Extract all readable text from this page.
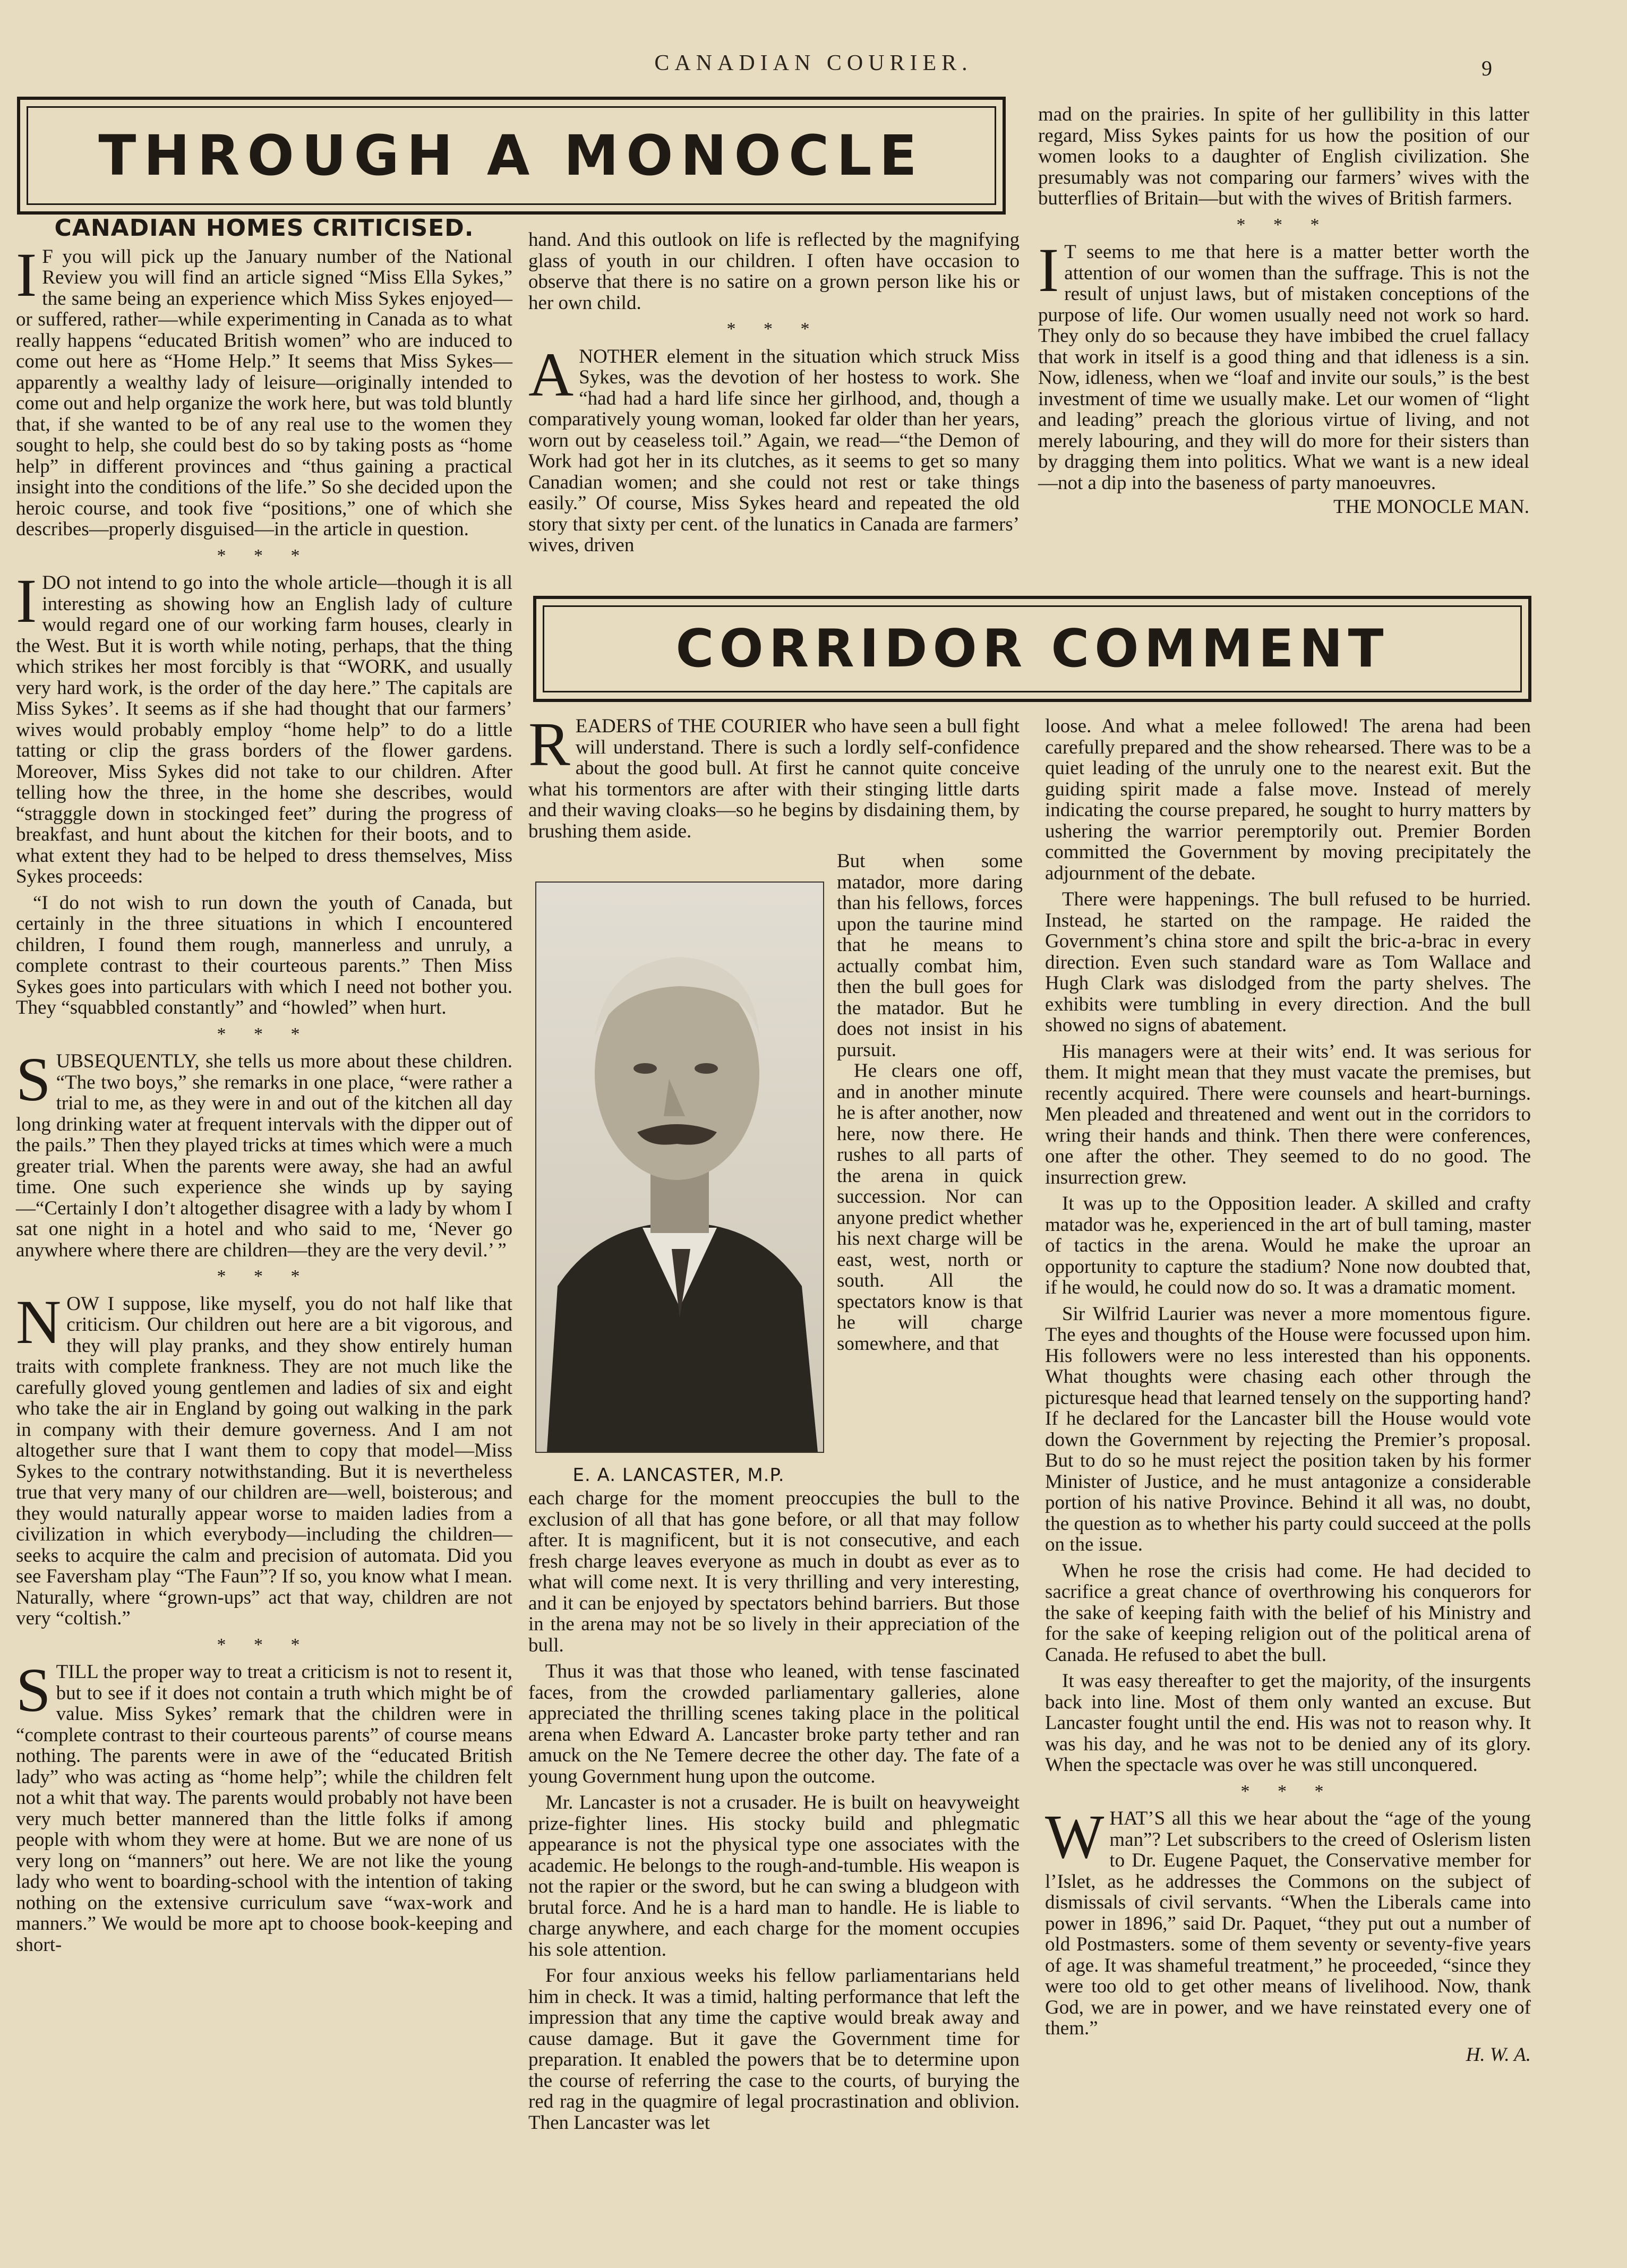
CANADIAN COURIER.	9
THROUGH A MONOCLE
CANADIAN HOMES CRITICISED.

I F you will pick up the January number of the National Review you will find an article signed “Miss Ella Sykes,” the same being an experience which Miss Sykes enjoyed—or suffered, rather—while experimenting in Canada as to what really happens “educated British women” who are induced to come out here as “Home Help.” It seems that Miss Sykes—apparently a wealthy lady of leisure—originally intended to come out and help organize the work here, but was told bluntly that, if she wanted to be of any real use to the women they sought to help, she could best do so by taking posts as “home help” in different provinces and “thus gaining a practical insight into the conditions of the life.” So she decided upon the heroic course, and took five “positions,” one of which she describes—properly disguised—in the article in question.

* * *

IDO not intend to go into the whole article—though it is all interesting as showing how an English lady of culture would regard one of our working farm houses, clearly in the West. But it is worth while noting, perhaps, that the thing which strikes her most forcibly is that “WORK, and usually very hard work, is the order of the day here.” The capitals are Miss Sykes’. It seems as if she had thought that our farmers’ wives would probably employ “home help” to do a little tatting or clip the grass borders of the flower gardens. Moreover, Miss Sykes did not take to our children. After telling how the three, in the home she describes, would “stragggle down in stockinged feet” during the progress of breakfast, and hunt about the kitchen for their boots, and to what extent they had to be helped to dress themselves, Miss Sykes proceeds:

“I do not wish to run down the youth of Canada, but certainly in the three situations in which I encountered children, I found them rough, mannerless and unruly, a complete contrast to their courteous parents.” Then Miss Sykes goes into particulars with which I need not bother you. They “squabbled constantly” and “howled” when hurt.

* * *

SUBSEQUENTLY, she tells us more about these children. “The two boys,” she remarks in one place, “were rather a trial to me, as they were in and out of the kitchen all day long drinking water at frequent intervals with the dipper out of the pails.” Then they played tricks at times which were a much greater trial. When the parents were away, she had an awful time. One such experience she winds up by saying—“Certainly I don’t altogether disagree with a lady by whom I sat one night in a hotel and who said to me, ‘Never go anywhere where there are children—they are the very devil.’ ”

* * *

NOW I suppose, like myself, you do not half like that criticism. Our children out here are a bit vigorous, and they will play pranks, and they show entirely human traits with complete frankness. They are not much like the carefully gloved young gentlemen and ladies of six and eight who take the air in England by going out walking in the park in company with their demure governess. And I am not altogether sure that I want them to copy that model—Miss Sykes to the contrary notwithstanding. But it is nevertheless true that very many of our children are—well, boisterous; and they would naturally appear worse to maiden ladies from a civilization in which everybody—including the children—seeks to acquire the calm and precision of automata. Did you see Faversham play “The Faun”? If so, you know what I mean. Naturally, where “grown-ups” act that way, children are not very “coltish.”

* * *

STILL the proper way to treat a criticism is not to resent it, but to see if it does not contain a truth which might be of value. Miss Sykes’ remark that the children were in “complete contrast to their courteous parents” of course means nothing. The parents were in awe of the “educated British lady” who was acting as “home help”; while the children felt not a whit that way. The parents would probably not have been very much better mannered than the little folks if among people with whom they were at home. But we are none of us very long on “manners” out here. We are not like the young lady who went to boarding-school with the intention of taking nothing on the extensive curriculum save “wax-work and manners.” We would be more apt to choose book-keeping and short-

hand. And this outlook on life is reflected by the magnifying glass of youth in our children. I often have occasion to observe that there is no satire on a grown person like his or her own child.

* * *

ANOTHER element in the situation which struck Miss Sykes, was the devotion of her hostess to work. She “had had a hard life since her girlhood, and, though a comparatively young woman, looked far older than her years, worn out by ceaseless toil.” Again, we read—“the Demon of Work had got her in its clutches, as it seems to get so many Canadian women; and she could not rest or take things easily.” Of course, Miss Sykes heard and repeated the old story that sixty per cent. of the lunatics in Canada are farmers’ wives, driven

mad on the prairies. In spite of her gullibility in this latter regard, Miss Sykes paints for us how the position of our women looks to a daughter of English civilization. She presumably was not comparing our farmers’ wives with the butterflies of Britain—but with the wives of British farmers.

* * *

I T seems to me that here is a matter better worth the attention of our women than the suffrage. This is not the result of unjust laws, but of mistaken conceptions of the purpose of life. Our women usually need not work so hard. They only do so because they have imbibed the cruel fallacy that work in itself is a good thing and that idleness is a sin. Now, idleness, when we “loaf and invite our souls,” is the best investment of time we usually make. Let our women of “light and leading” preach the glorious virtue of living, and not merely labouring, and they will do more for their sisters than by dragging them into politics. What we want is a new ideal—not a dip into the baseness of party manoeuvres.

THE MONOCLE MAN.
CORRIDOR COMMENT

READERS of THE COURIER who have seen a bull fight will understand. There is such a lordly self-confidence about the good bull. At first he cannot quite conceive what his tormentors are after with their stinging little darts and their waving cloaks—so he begins by disdaining them, by brushing them aside.

E. A. LANCASTER, M.P.

But when some matador, more daring than his fellows, forces upon the taurine mind that he means to actually combat him, then the bull goes for the matador. But he does not insist in his pursuit.

He clears one off, and in another minute he is after another, now here, now there. He rushes to all parts of the arena in quick succession. Nor can anyone predict whether his next charge will be east, west, north or south. All the spectators know is that he will charge somewhere, and that

each charge for the moment preoccupies the bull to the exclusion of all that has gone before, or all that may follow after. It is magnificent, but it is not consecutive, and each fresh charge leaves everyone as much in doubt as ever as to what will come next. It is very thrilling and very interesting, and it can be enjoyed by spectators behind barriers. But those in the arena may not be so lively in their appreciation of the bull.

Thus it was that those who leaned, with tense fascinated faces, from the crowded parliamentary galleries, alone appreciated the thrilling scenes taking place in the political arena when Edward A. Lancaster broke party tether and ran amuck on the Ne Temere decree the other day. The fate of a young Government hung upon the outcome.

Mr. Lancaster is not a crusader. He is built on heavyweight prize-fighter lines. His stocky build and phlegmatic appearance is not the physical type one associates with the academic. He belongs to the rough-and-tumble. His weapon is not the rapier or the sword, but he can swing a bludgeon with brutal force. And he is a hard man to handle. He is liable to charge anywhere, and each charge for the moment occupies his sole attention.

For four anxious weeks his fellow parliamentarians held him in check. It was a timid, halting performance that left the impression that any time the captive would break away and cause damage. But it gave the Government time for preparation. It enabled the powers that be to determine upon the course of referring the case to the courts, of burying the red rag in the quagmire of legal procrastination and oblivion. Then Lancaster was let

loose. And what a melee followed! The arena had been carefully prepared and the show rehearsed. There was to be a quiet leading of the unruly one to the nearest exit. But the guiding spirit made a false move. Instead of merely indicating the course prepared, he sought to hurry matters by ushering the warrior peremptorily out. Premier Borden committed the Government by moving precipitately the adjournment of the debate.

There were happenings. The bull refused to be hurried. Instead, he started on the rampage. He raided the Government’s china store and spilt the bric-a-brac in every direction. Even such standard ware as Tom Wallace and Hugh Clark was dislodged from the party shelves. The exhibits were tumbling in every direction. And the bull showed no signs of abatement.

His managers were at their wits’ end. It was serious for them. It might mean that they must vacate the premises, but recently acquired. There were counsels and heart-burnings. Men pleaded and threatened and went out in the corridors to wring their hands and think. Then there were conferences, one after the other. They seemed to do no good. The insurrection grew.

It was up to the Opposition leader. A skilled and crafty matador was he, experienced in the art of bull taming, master of tactics in the arena. Would he make the uproar an opportunity to capture the stadium? None now doubted that, if he would, he could now do so. It was a dramatic moment.

Sir Wilfrid Laurier was never a more momentous figure. The eyes and thoughts of the House were focussed upon him. His followers were no less interested than his opponents. What thoughts were chasing each other through the picturesque head that learned tensely on the supporting hand? If he declared for the Lancaster bill the House would vote down the Government by rejecting the Premier’s proposal. But to do so he must reject the position taken by his former Minister of Justice, and he must antagonize a considerable portion of his native Province. Behind it all was, no doubt, the question as to whether his party could succeed at the polls on the issue.

When he rose the crisis had come. He had decided to sacrifice a great chance of overthrowing his conquerors for the sake of keeping faith with the belief of his Ministry and for the sake of keeping religion out of the political arena of Canada. He refused to abet the bull.

It was easy thereafter to get the majority, of the insurgents back into line. Most of them only wanted an excuse. But Lancaster fought until the end. His was not to reason why. It was his day, and he was not to be denied any of its glory. When the spectacle was over he was still unconquered.

* * *

WHAT’S all this we hear about the “age of the young man”? Let subscribers to the creed of Oslerism listen to Dr. Eugene Paquet, the Conservative member for l’Islet, as he addresses the Commons on the subject of dismissals of civil servants. “When the Liberals came into power in 1896,” said Dr. Paquet, “they put out a number of old Postmasters. some of them seventy or seventy-five years of age. It was shameful treatment,” he proceeded, “since they were too old to get other means of livelihood. Now, thank God, we are in power, and we have reinstated every one of them.”

H. W. A.
